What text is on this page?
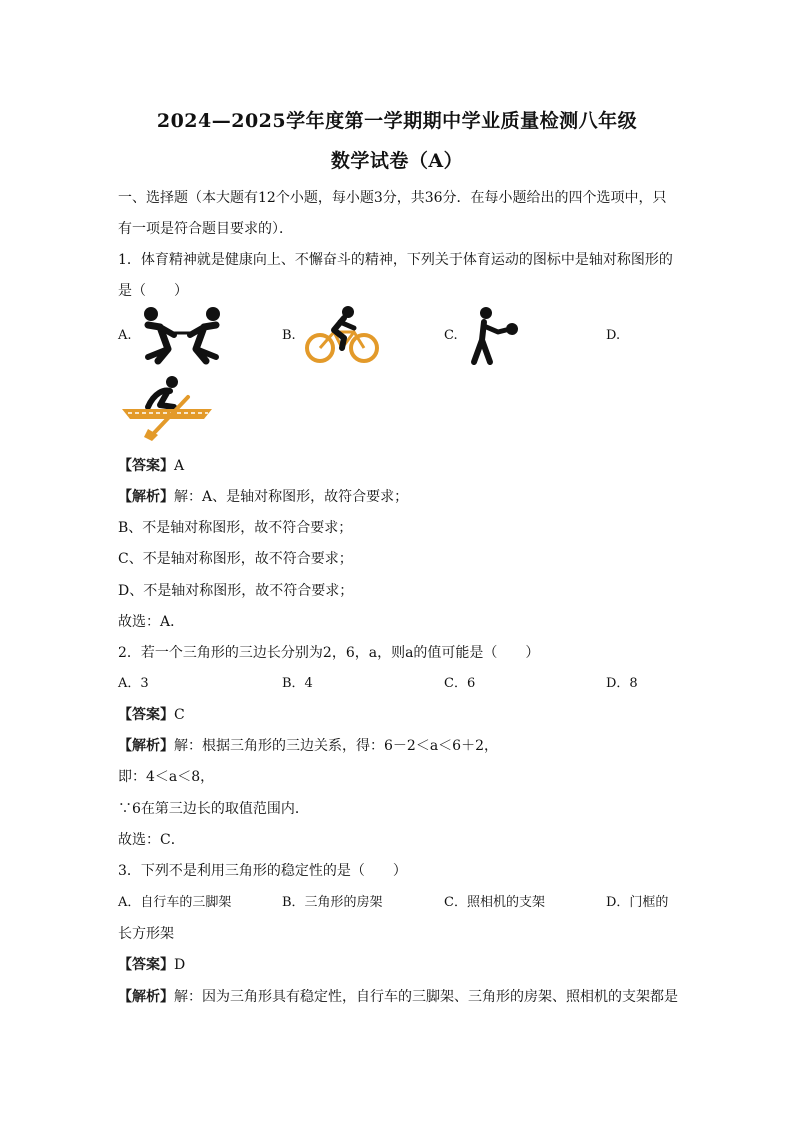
2024—2025学年度第一学期期中学业质量检测八年级
数学试卷（A）
一、选择题（本大题有12个小题，每小题3分，共36分．在每小题给出的四个选项中，只
有一项是符合题目要求的）．
1．体育精神就是健康向上、不懈奋斗的精神，下列关于体育运动的图标中是轴对称图形的
是（　　）
A.	B.	C.	D.
【答案】A
【解析】解：A、是轴对称图形，故符合要求；
B、不是轴对称图形，故不符合要求；
C、不是轴对称图形，故不符合要求；
D、不是轴对称图形，故不符合要求；
故选：A．
2．若一个三角形的三边长分别为2，6，a，则a的值可能是（　　）
A．3	B．4	C．6	D．8
【答案】C
【解析】解：根据三角形的三边关系，得：6－2＜a＜6＋2，
即：4＜a＜8，
∵6在第三边长的取值范围内．
故选：C．
3．下列不是利用三角形的稳定性的是（　　）
A．自行车的三脚架	B．三角形的房架	C．照相机的支架	D．门框的
长方形架
【答案】D
【解析】解：因为三角形具有稳定性，自行车的三脚架、三角形的房架、照相机的支架都是
